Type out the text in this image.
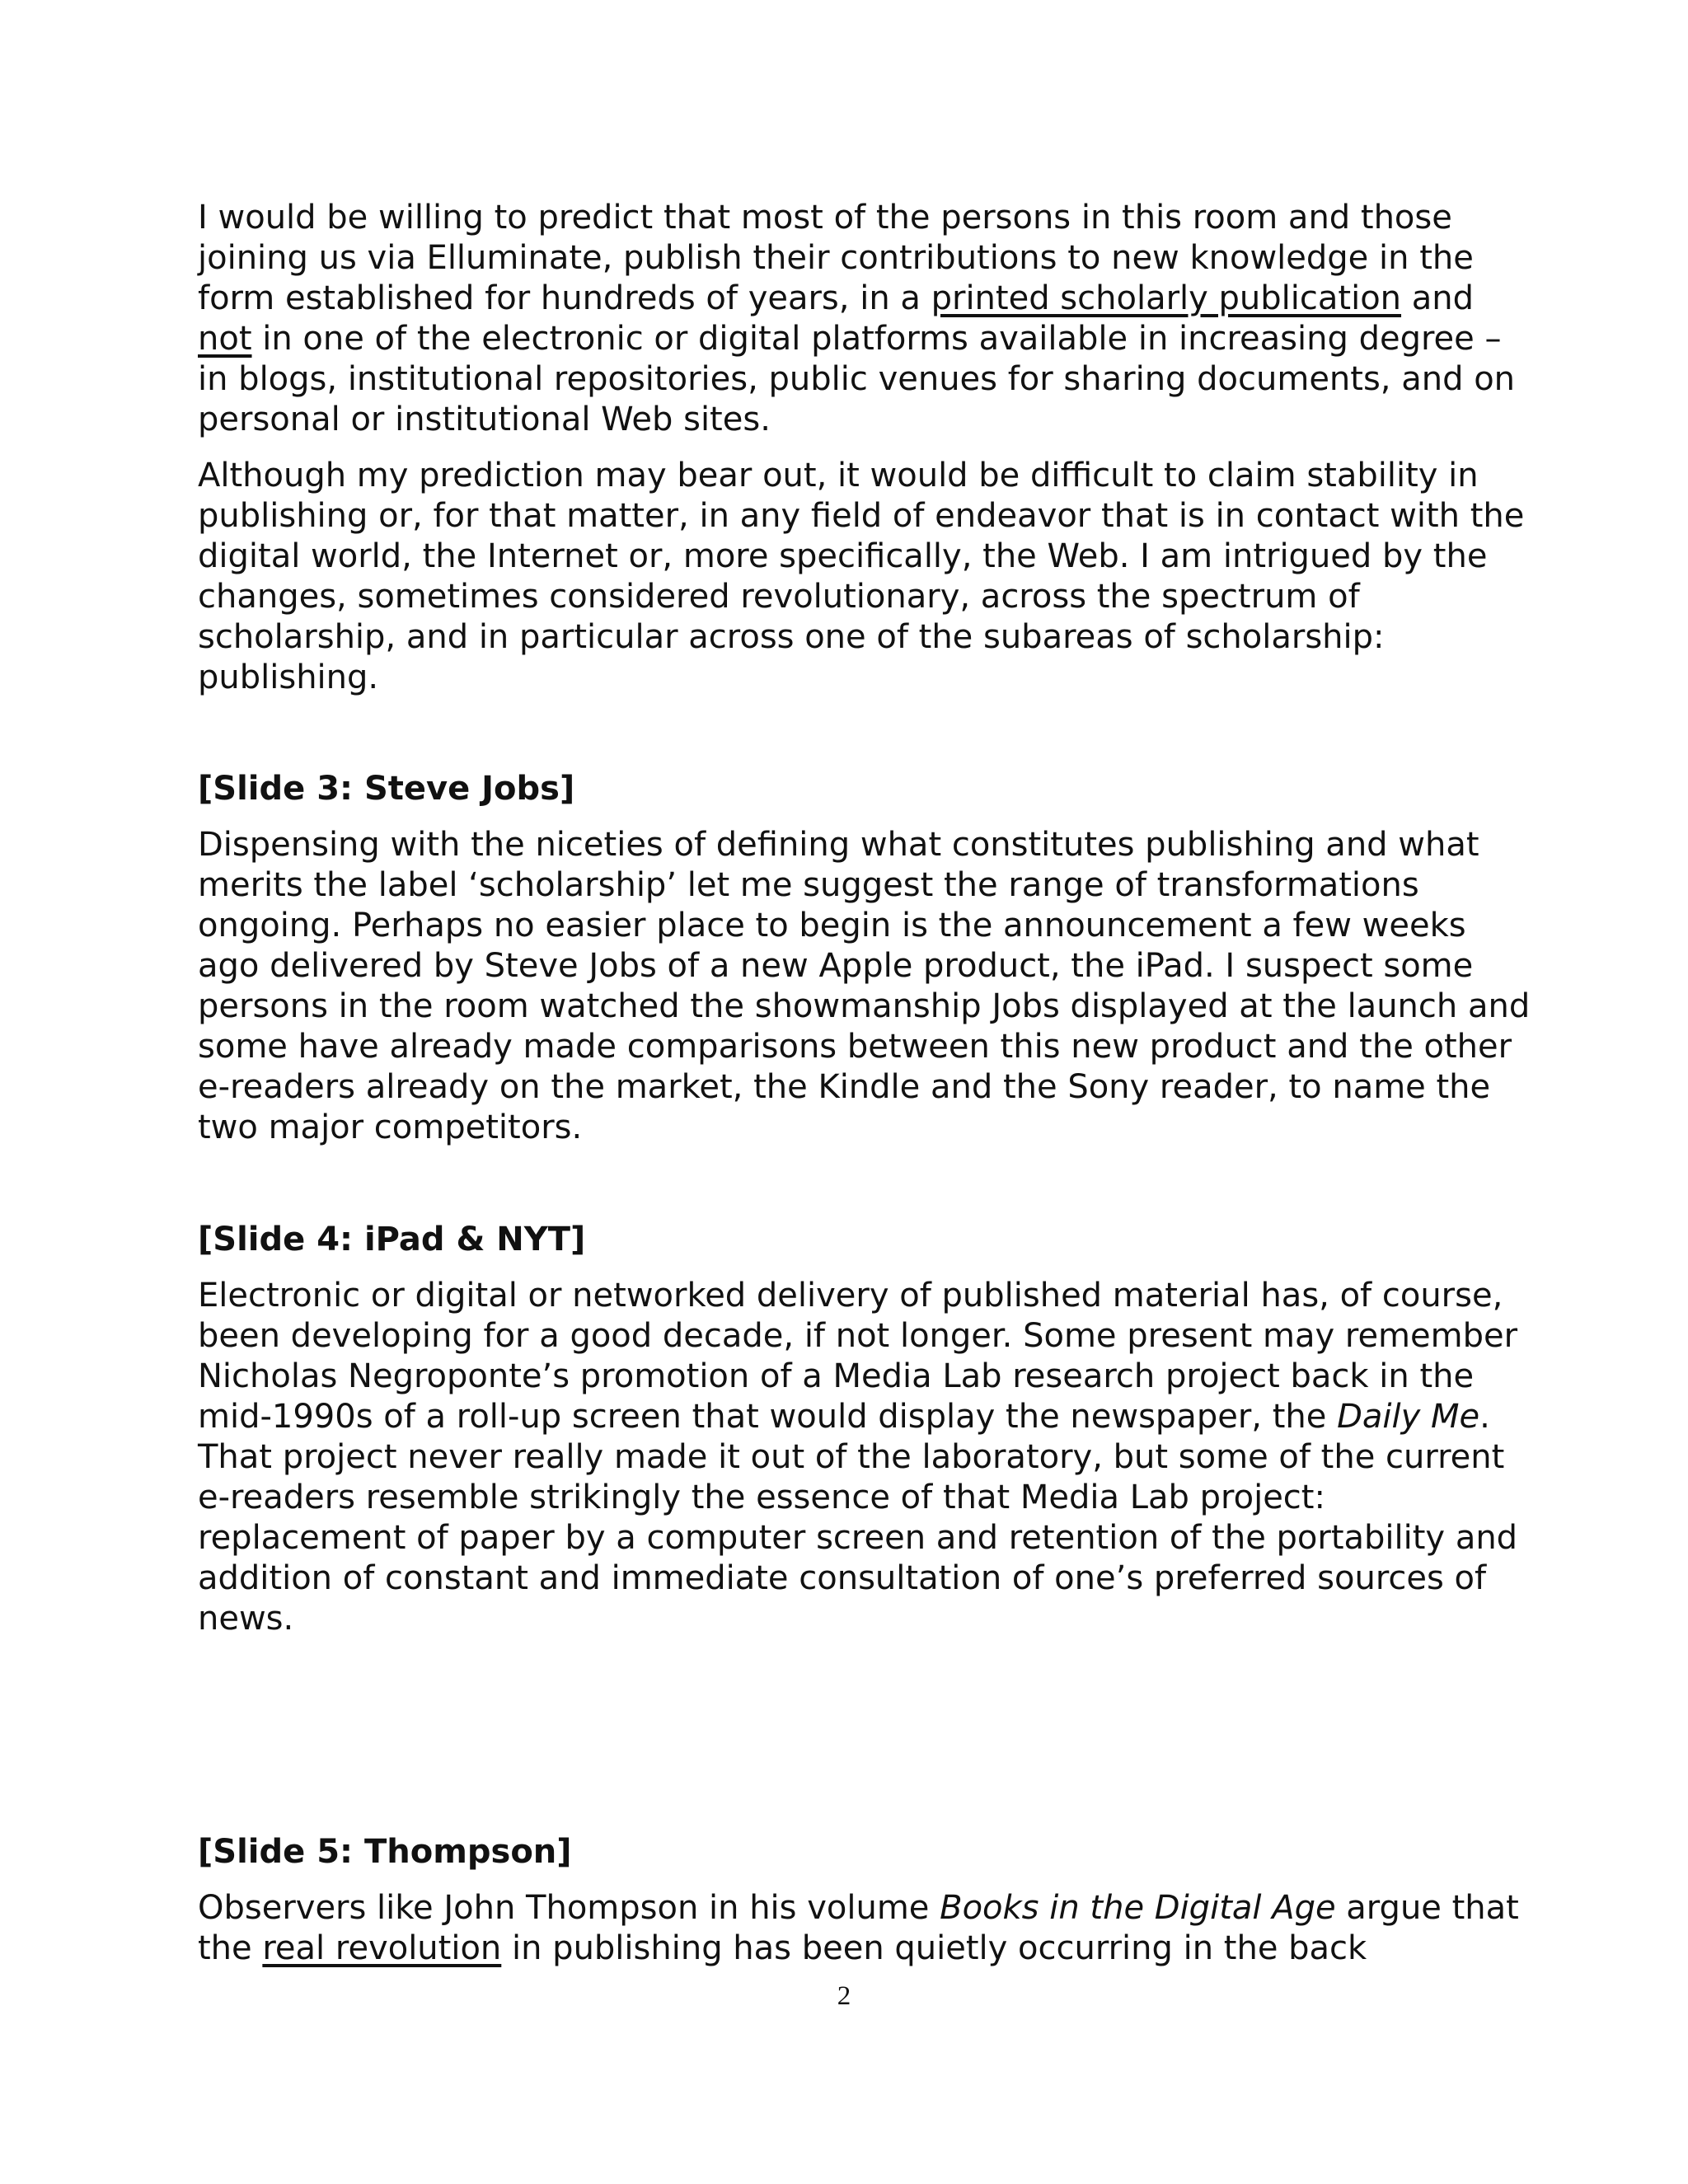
I would be willing to predict that most of the persons in this room and those joining us via Elluminate, publish their contributions to new knowledge in the form established for hundreds of years, in a printed scholarly publication and not in one of the electronic or digital platforms available in increasing degree – in blogs, institutional repositories, public venues for sharing documents, and on personal or institutional Web sites.

Although my prediction may bear out, it would be difficult to claim stability in publishing or, for that matter, in any field of endeavor that is in contact with the digital world, the Internet or, more specifically, the Web. I am intrigued by the changes, sometimes considered revolutionary, across the spectrum of scholarship, and in particular across one of the subareas of scholarship: publishing.

[Slide 3: Steve Jobs]

Dispensing with the niceties of defining what constitutes publishing and what merits the label ‘scholarship’ let me suggest the range of transformations ongoing. Perhaps no easier place to begin is the announcement a few weeks ago delivered by Steve Jobs of a new Apple product, the iPad. I suspect some persons in the room watched the showmanship Jobs displayed at the launch and some have already made comparisons between this new product and the other e-readers already on the market, the Kindle and the Sony reader, to name the two major competitors.

[Slide 4: iPad & NYT]

Electronic or digital or networked delivery of published material has, of course, been developing for a good decade, if not longer. Some present may remember Nicholas Negroponte’s promotion of a Media Lab research project back in the mid-1990s of a roll-up screen that would display the newspaper, the Daily Me. That project never really made it out of the laboratory, but some of the current e-readers resemble strikingly the essence of that Media Lab project: replacement of paper by a computer screen and retention of the portability and addition of constant and immediate consultation of one’s preferred sources of news.

[Slide 5: Thompson]

Observers like John Thompson in his volume Books in the Digital Age argue that the real revolution in publishing has been quietly occurring in the back

2
